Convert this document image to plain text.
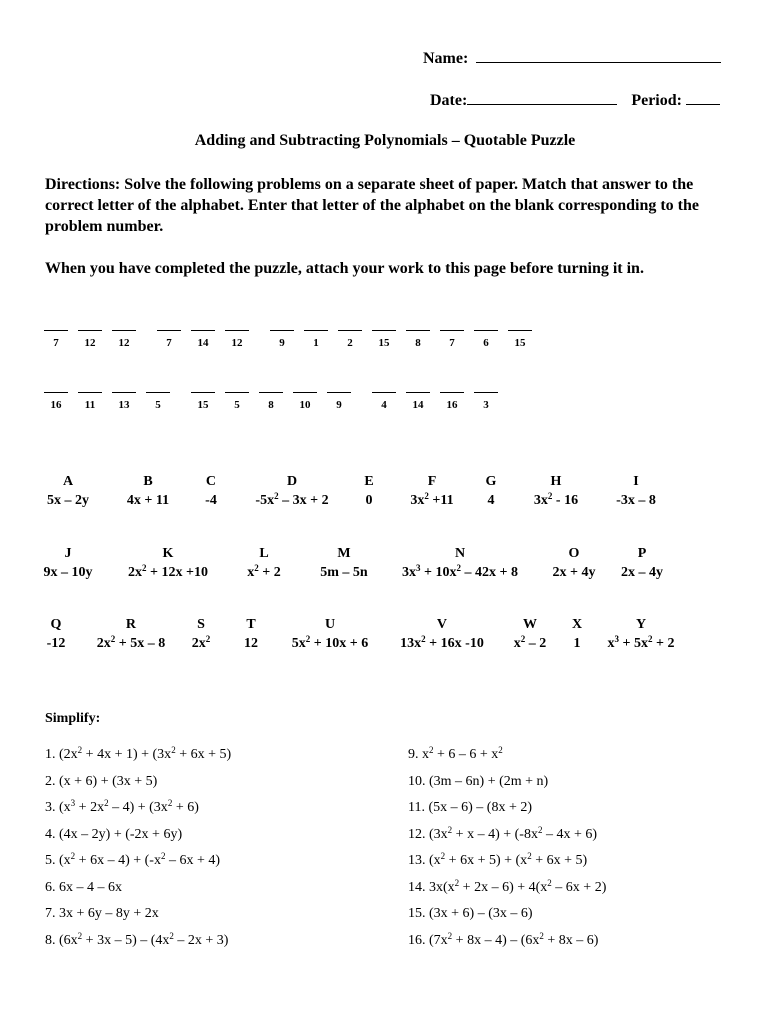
Name:
Date:	Period:
Adding and Subtracting Polynomials – Quotable Puzzle
Directions: Solve the following problems on a separate sheet of paper. Match that answer to the correct letter of the alphabet. Enter that letter of the alphabet on the blank corresponding to the problem number.
When you have completed the puzzle, attach your work to this page before turning it in.
7	12	12	7	14	12	9	1	2	15	8	7	6	15
16	11	13	5	15	5	8	10	9	4	14	16	3
A
5x – 2y
B
4x + 11
C
-4
D
$-5x^2 - 3x + 2$
E
0
F
$3x^2 +11$
G
4
H
$3x^2 - 16$
I
-3x – 8
J
9x – 10y
K
$2x^2 + 12x +10$
L
$x^2 + 2$
M
5m – 5n
N
$3x^3 + 10x^2 - 42x + 8$
O
2x + 4y
P
2x – 4y
Q
-12
R
$2x^2 + 5x - 8$
S
$2x^2$
T
12
U
$5x^2 + 10x + 6$
V
$13x^2 + 16x$ -10
W
$x^2 - 2$
X
1
Y
$x^3 + 5x^2 + 2$
Simplify:
1. $(2x^2 + 4x + 1) + (3x^2 + 6x + 5)$
2. (x + 6) + (3x + 5)
3. $(x^3 + 2x^2 - 4) + (3x^2 + 6)$
4. (4x – 2y) + (-2x + 6y)
5. $(x^2 + 6x - 4) + (-x^2 - 6x + 4)$
6. 6x – 4 – 6x
7. 3x + 6y – 8y + 2x
8. $(6x^2 + 3x - 5) - (4x^2 - 2x + 3)$
9. $x^2 + 6 - 6 + x^2$
10. (3m – 6n) + (2m + n)
11. (5x – 6) – (8x + 2)
12. $(3x^2 + x - 4) + (-8x^2 - 4x + 6)$
13. $(x^2 + 6x + 5) + (x^2 + 6x + 5)$
14. $3x(x^2 + 2x - 6) + 4(x^2 - 6x + 2)$
15. (3x + 6) – (3x – 6)
16. $(7x^2 + 8x - 4) - (6x^2 + 8x - 6)$
